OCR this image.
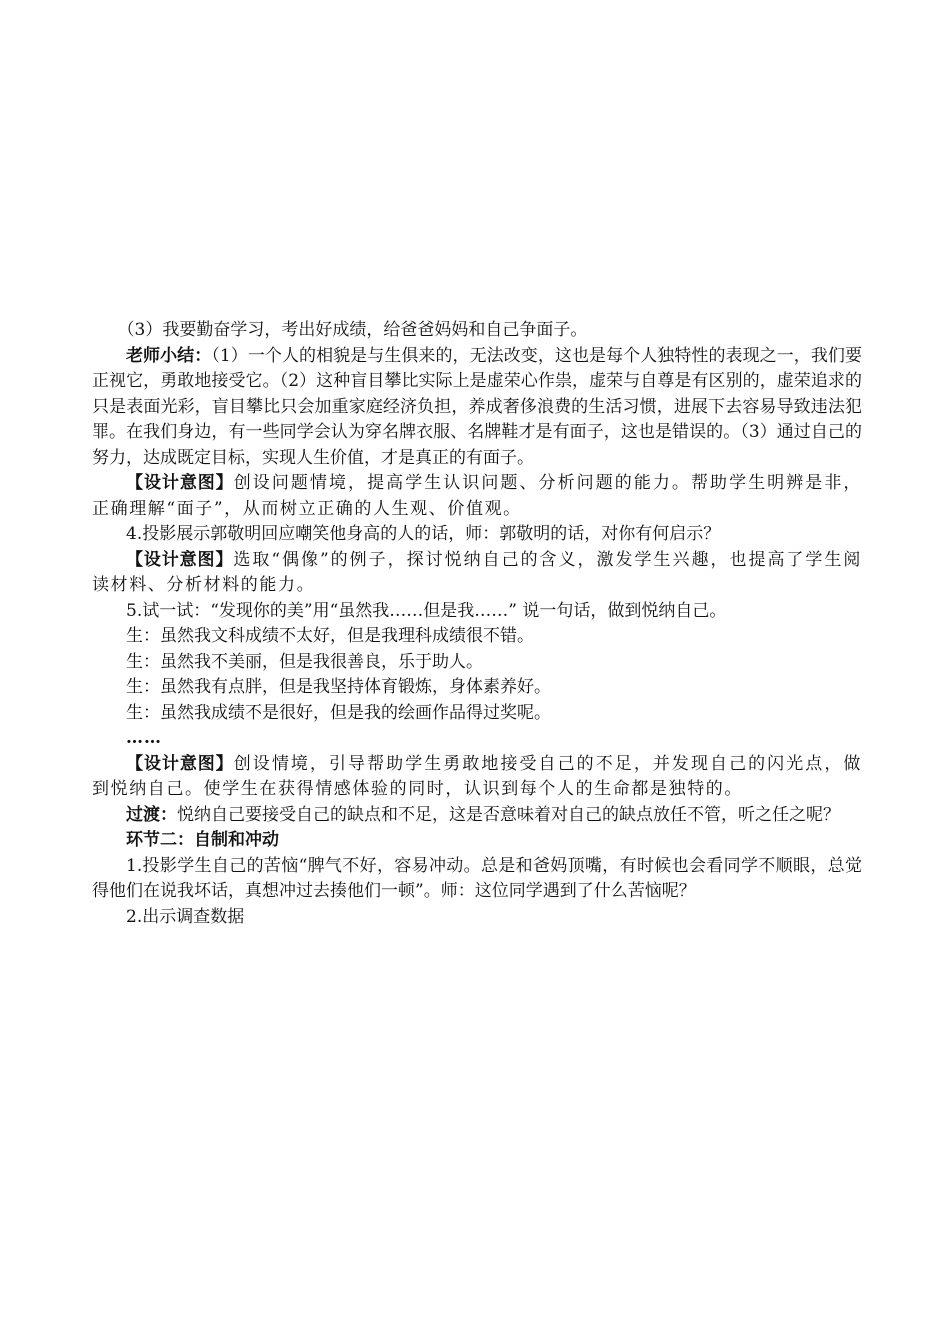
（3）我要勤奋学习，考出好成绩，给爸爸妈妈和自己争面子。

老师小结：（1）一个人的相貌是与生俱来的，无法改变，这也是每个人独特性的表现之一，我们要正视它，勇敢地接受它。（2）这种盲目攀比实际上是虚荣心作祟，虚荣与自尊是有区别的，虚荣追求的只是表面光彩，盲目攀比只会加重家庭经济负担，养成奢侈浪费的生活习惯，进展下去容易导致违法犯罪。在我们身边，有一些同学会认为穿名牌衣服、名牌鞋才是有面子，这也是错误的。（3）通过自己的努力，达成既定目标，实现人生价值，才是真正的有面子。

【设计意图】创设问题情境，提高学生认识问题、分析问题的能力。帮助学生明辨是非，正确理解“面子”，从而树立正确的人生观、价值观。

4.投影展示郭敬明回应嘲笑他身高的人的话，师：郭敬明的话，对你有何启示？

【设计意图】选取“偶像”的例子，探讨悦纳自己的含义，激发学生兴趣，也提高了学生阅读材料、分析材料的能力。

5.试一试：“发现你的美”用“虽然我……但是我……” 说一句话，做到悦纳自己。

生：虽然我文科成绩不太好，但是我理科成绩很不错。

生：虽然我不美丽，但是我很善良，乐于助人。

生：虽然我有点胖，但是我坚持体育锻炼，身体素养好。

生：虽然我成绩不是很好，但是我的绘画作品得过奖呢。

……

【设计意图】创设情境，引导帮助学生勇敢地接受自己的不足，并发现自己的闪光点，做到悦纳自己。使学生在获得情感体验的同时，认识到每个人的生命都是独特的。

过渡：悦纳自己要接受自己的缺点和不足，这是否意味着对自己的缺点放任不管，听之任之呢？

环节二：自制和冲动

1.投影学生自己的苦恼“脾气不好，容易冲动。总是和爸妈顶嘴，有时候也会看同学不顺眼，总觉得他们在说我坏话，真想冲过去揍他们一顿”。师：这位同学遇到了什么苦恼呢？

2.出示调查数据
